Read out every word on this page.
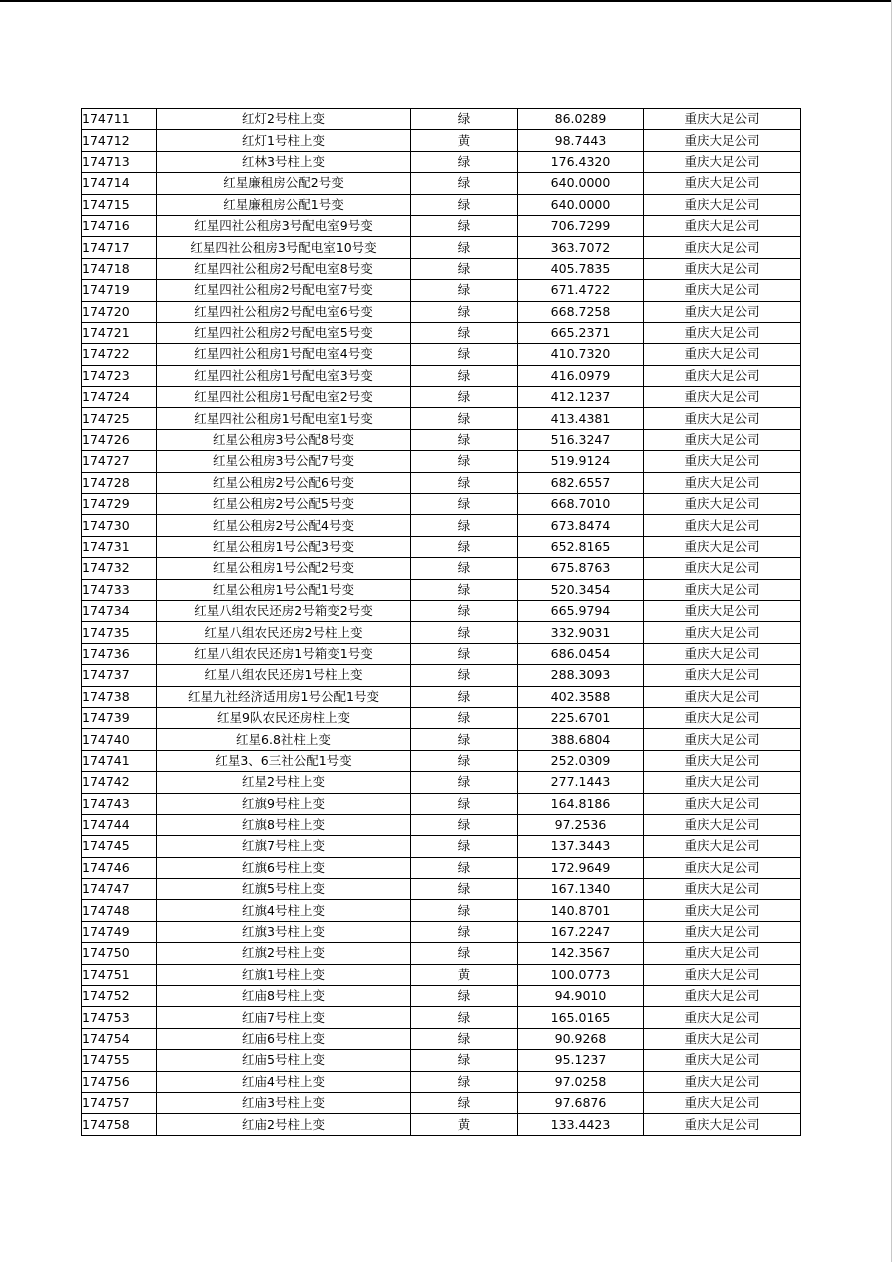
174711	红灯2号柱上变	绿	86.0289	重庆大足公司
174712	红灯1号柱上变	黄	98.7443	重庆大足公司
174713	红林3号柱上变	绿	176.4320	重庆大足公司
174714	红星廉租房公配2号变	绿	640.0000	重庆大足公司
174715	红星廉租房公配1号变	绿	640.0000	重庆大足公司
174716	红星四社公租房3号配电室9号变	绿	706.7299	重庆大足公司
174717	红星四社公租房3号配电室10号变	绿	363.7072	重庆大足公司
174718	红星四社公租房2号配电室8号变	绿	405.7835	重庆大足公司
174719	红星四社公租房2号配电室7号变	绿	671.4722	重庆大足公司
174720	红星四社公租房2号配电室6号变	绿	668.7258	重庆大足公司
174721	红星四社公租房2号配电室5号变	绿	665.2371	重庆大足公司
174722	红星四社公租房1号配电室4号变	绿	410.7320	重庆大足公司
174723	红星四社公租房1号配电室3号变	绿	416.0979	重庆大足公司
174724	红星四社公租房1号配电室2号变	绿	412.1237	重庆大足公司
174725	红星四社公租房1号配电室1号变	绿	413.4381	重庆大足公司
174726	红星公租房3号公配8号变	绿	516.3247	重庆大足公司
174727	红星公租房3号公配7号变	绿	519.9124	重庆大足公司
174728	红星公租房2号公配6号变	绿	682.6557	重庆大足公司
174729	红星公租房2号公配5号变	绿	668.7010	重庆大足公司
174730	红星公租房2号公配4号变	绿	673.8474	重庆大足公司
174731	红星公租房1号公配3号变	绿	652.8165	重庆大足公司
174732	红星公租房1号公配2号变	绿	675.8763	重庆大足公司
174733	红星公租房1号公配1号变	绿	520.3454	重庆大足公司
174734	红星八组农民还房2号箱变2号变	绿	665.9794	重庆大足公司
174735	红星八组农民还房2号柱上变	绿	332.9031	重庆大足公司
174736	红星八组农民还房1号箱变1号变	绿	686.0454	重庆大足公司
174737	红星八组农民还房1号柱上变	绿	288.3093	重庆大足公司
174738	红星九社经济适用房1号公配1号变	绿	402.3588	重庆大足公司
174739	红星9队农民还房柱上变	绿	225.6701	重庆大足公司
174740	红星6.8社柱上变	绿	388.6804	重庆大足公司
174741	红星3、6三社公配1号变	绿	252.0309	重庆大足公司
174742	红星2号柱上变	绿	277.1443	重庆大足公司
174743	红旗9号柱上变	绿	164.8186	重庆大足公司
174744	红旗8号柱上变	绿	97.2536	重庆大足公司
174745	红旗7号柱上变	绿	137.3443	重庆大足公司
174746	红旗6号柱上变	绿	172.9649	重庆大足公司
174747	红旗5号柱上变	绿	167.1340	重庆大足公司
174748	红旗4号柱上变	绿	140.8701	重庆大足公司
174749	红旗3号柱上变	绿	167.2247	重庆大足公司
174750	红旗2号柱上变	绿	142.3567	重庆大足公司
174751	红旗1号柱上变	黄	100.0773	重庆大足公司
174752	红庙8号柱上变	绿	94.9010	重庆大足公司
174753	红庙7号柱上变	绿	165.0165	重庆大足公司
174754	红庙6号柱上变	绿	90.9268	重庆大足公司
174755	红庙5号柱上变	绿	95.1237	重庆大足公司
174756	红庙4号柱上变	绿	97.0258	重庆大足公司
174757	红庙3号柱上变	绿	97.6876	重庆大足公司
174758	红庙2号柱上变	黄	133.4423	重庆大足公司
